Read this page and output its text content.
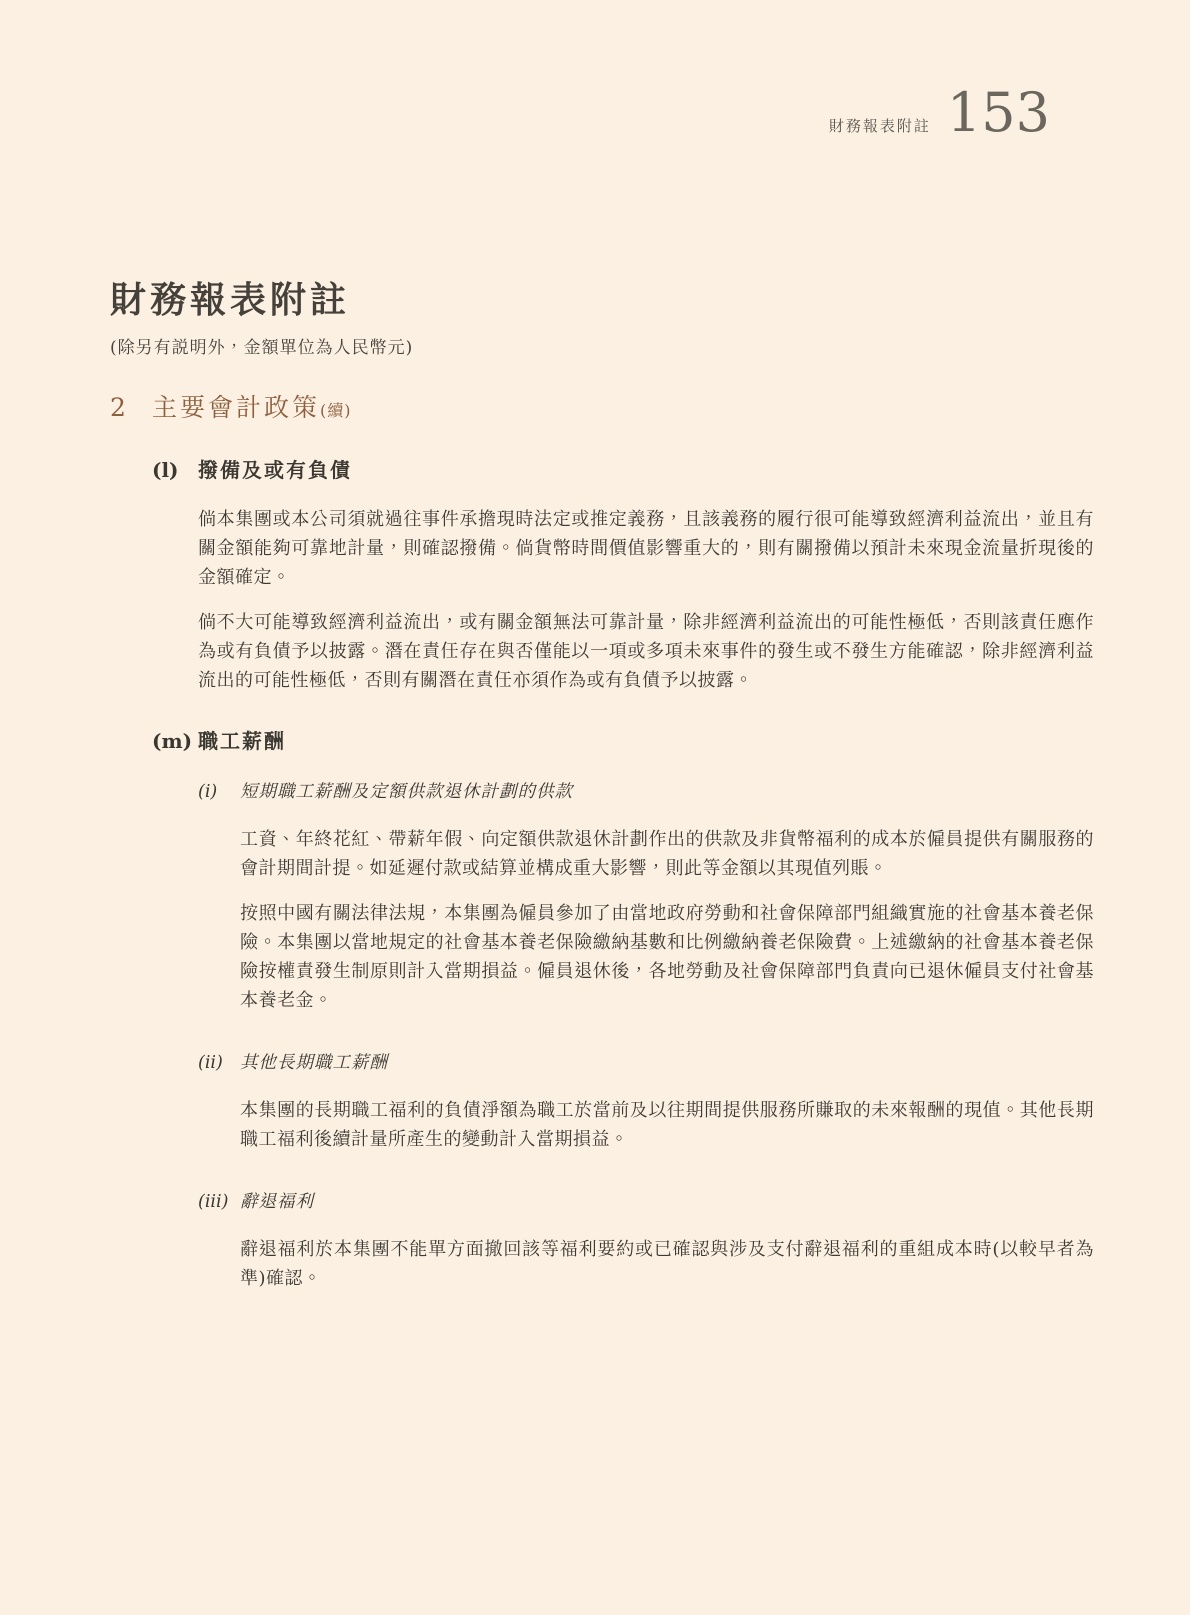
財務報表附註 153
財務報表附註
(除另有説明外，金額單位為人民幣元)
2	主要會計政策 (續)
(l) 撥備及或有負債

倘本集團或本公司須就過往事件承擔現時法定或推定義務，且該義務的履行很可能導致經濟利益流出，並且有關金額能夠可靠地計量，則確認撥備。倘貨幣時間價值影響重大的，則有關撥備以預計未來現金流量折現後的金額確定。

倘不大可能導致經濟利益流出，或有關金額無法可靠計量，除非經濟利益流出的可能性極低，否則該責任應作為或有負債予以披露。潛在責任存在與否僅能以一項或多項未來事件的發生或不發生方能確認，除非經濟利益流出的可能性極低，否則有關潛在責任亦須作為或有負債予以披露。

(m) 職工薪酬
(i)	短期職工薪酬及定額供款退休計劃的供款

工資、年終花紅、帶薪年假、向定額供款退休計劃作出的供款及非貨幣福利的成本於僱員提供有關服務的會計期間計提。如延遲付款或結算並構成重大影響，則此等金額以其現值列賬。

按照中國有關法律法規，本集團為僱員參加了由當地政府勞動和社會保障部門組織實施的社會基本養老保險。本集團以當地規定的社會基本養老保險繳納基數和比例繳納養老保險費。上述繳納的社會基本養老保險按權責發生制原則計入當期損益。僱員退休後，各地勞動及社會保障部門負責向已退休僱員支付社會基本養老金。

(ii) 其他長期職工薪酬

本集團的長期職工福利的負債淨額為職工於當前及以往期間提供服務所賺取的未來報酬的現值。其他長期職工福利後續計量所產生的變動計入當期損益。

(iii) 辭退福利

辭退福利於本集團不能單方面撤回該等福利要約或已確認與涉及支付辭退福利的重組成本時(以較早者為準)確認。
